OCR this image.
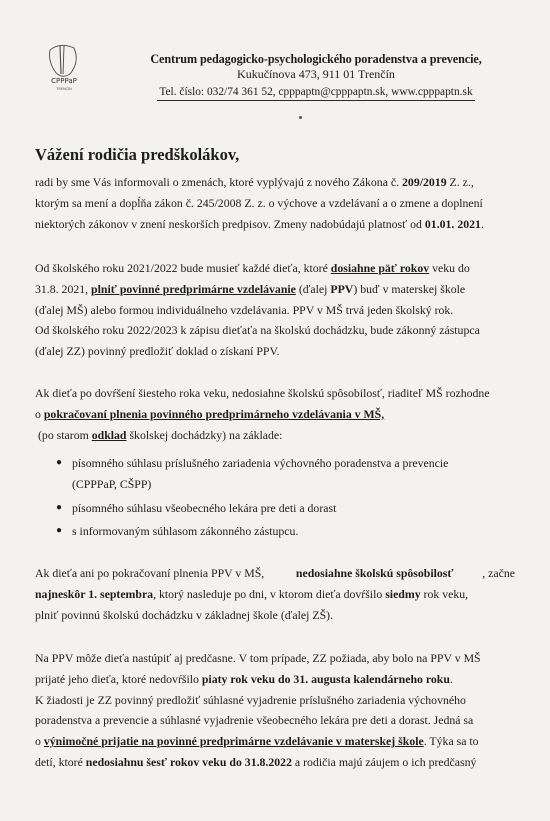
CPPPaP
TRENČÍN
Centrum pedagogicko-psychologického poradenstva a prevencie,
Kukučínova 473, 911 01 Trenčín
Tel. číslo: 032/74 361 52, cpppaptn@cpppaptn.sk, www.cpppaptn.sk
Vážení rodičia predškolákov,
radi by sme Vás informovali o zmenách, ktoré vyplývajú z nového Zákona č. 209/2019 Z. z.,
ktorým sa mení a dopĺňa zákon č. 245/2008 Z. z. o výchove a vzdelávaní a o zmene a doplnení
niektorých zákonov v znení neskorších predpisov. Zmeny nadobúdajú platnosť od 01.01. 2021.
Od školského roku 2021/2022 bude musieť každé dieťa, ktoré dosiahne päť rokov veku do
31.8. 2021, plniť povinné predprimárne vzdelávanie (ďalej PPV) buď v materskej škole
(ďalej MŠ) alebo formou individuálneho vzdelávania. PPV v MŠ trvá jeden školský rok.
Od školského roku 2022/2023 k zápisu dieťaťa na školskú dochádzku, bude zákonný zástupca
(ďalej ZZ) povinný predložiť doklad o získaní PPV.
Ak dieťa po dovŕšení šiesteho roka veku, nedosiahne školskú spôsobilosť, riaditeľ MŠ rozhodne
o pokračovaní plnenia povinného predprimárneho vzdelávania v MŠ,
(po starom odklad školskej dochádzky) na základe:
● písomného súhlasu príslušného zariadenia výchovného poradenstva a prevencie
(CPPPaP, CŠPP)
● písomného súhlasu všeobecného lekára pre deti a dorast
● s informovaným súhlasom zákonného zástupcu.
Ak dieťa ani po pokračovaní plnenia PPV v MŠ, nedosiahne školskú spôsobilosť , začne
najneskôr 1. septembra, ktorý nasleduje po dni, v ktorom dieťa dovŕšilo siedmy rok veku,
plniť povinnú školskú dochádzku v základnej škole (ďalej ZŠ).
Na PPV môže dieťa nastúpiť aj predčasne. V tom prípade, ZZ požiada, aby bolo na PPV v MŠ
prijaté jeho dieťa, ktoré nedovŕšilo piaty rok veku do 31. augusta kalendárneho roku.
K žiadosti je ZZ povinný predložiť súhlasné vyjadrenie príslušného zariadenia výchovného
poradenstva a prevencie a súhlasné vyjadrenie všeobecného lekára pre deti a dorast. Jedná sa
o výnimočné prijatie na povinné predprimárne vzdelávanie v materskej škole. Týka sa to
detí, ktoré nedosiahnu šesť rokov veku do 31.8.2022 a rodičia majú záujem o ich predčasný
